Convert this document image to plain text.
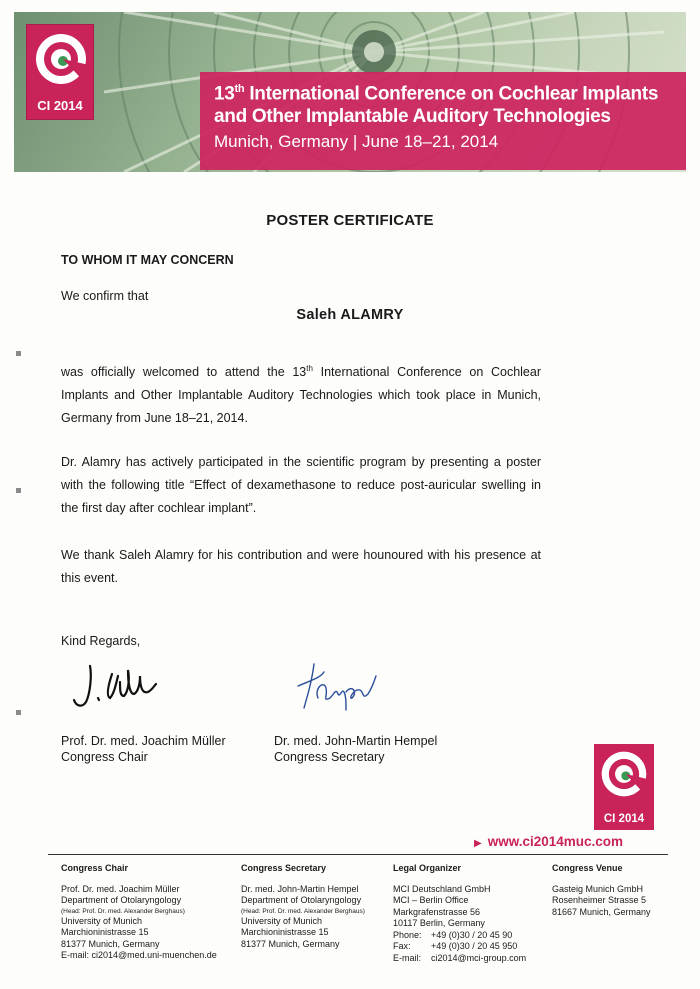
CI 2014
13th International Conference on Cochlear Implants
and Other Implantable Auditory Technologies
Munich, Germany | June 18–21, 2014
POSTER CERTIFICATE
TO WHOM IT MAY CONCERN
We confirm that
Saleh ALAMRY
was officially welcomed to attend the 13th International Conference on Cochlear Implants and Other Implantable Auditory Technologies which took place in Munich, Germany from June 18–21, 2014.
Dr. Alamry has actively participated in the scientific program by presenting a poster with the following title “Effect of dexamethasone to reduce post-auricular swelling in the first day after cochlear implant”.
We thank Saleh Alamry for his contribution and were hounoured with his presence at this event.
Kind Regards,
Prof. Dr. med. Joachim Müller
Congress Chair
Dr. med. John-Martin Hempel
Congress Secretary
CI 2014
▶ www.ci2014muc.com
Congress Chair
Prof. Dr. med. Joachim Müller
Department of Otolaryngology
(Head: Prof. Dr. med. Alexander Berghaus)
University of Munich
Marchioninistrasse 15
81377 Munich, Germany
E-mail: ci2014@med.uni-muenchen.de
Congress Secretary
Dr. med. John-Martin Hempel
Department of Otolaryngology
(Head: Prof. Dr. med. Alexander Berghaus)
University of Munich
Marchioninistrasse 15
81377 Munich, Germany
Legal Organizer
MCI Deutschland GmbH
MCI – Berlin Office
Markgrafenstrasse 56
10117 Berlin, Germany
Phone:	+49 (0)30 / 20 45 90
Fax:	+49 (0)30 / 20 45 950
E-mail:	ci2014@mci-group.com
Congress Venue
Gasteig Munich GmbH
Rosenheimer Strasse 5
81667 Munich, Germany
